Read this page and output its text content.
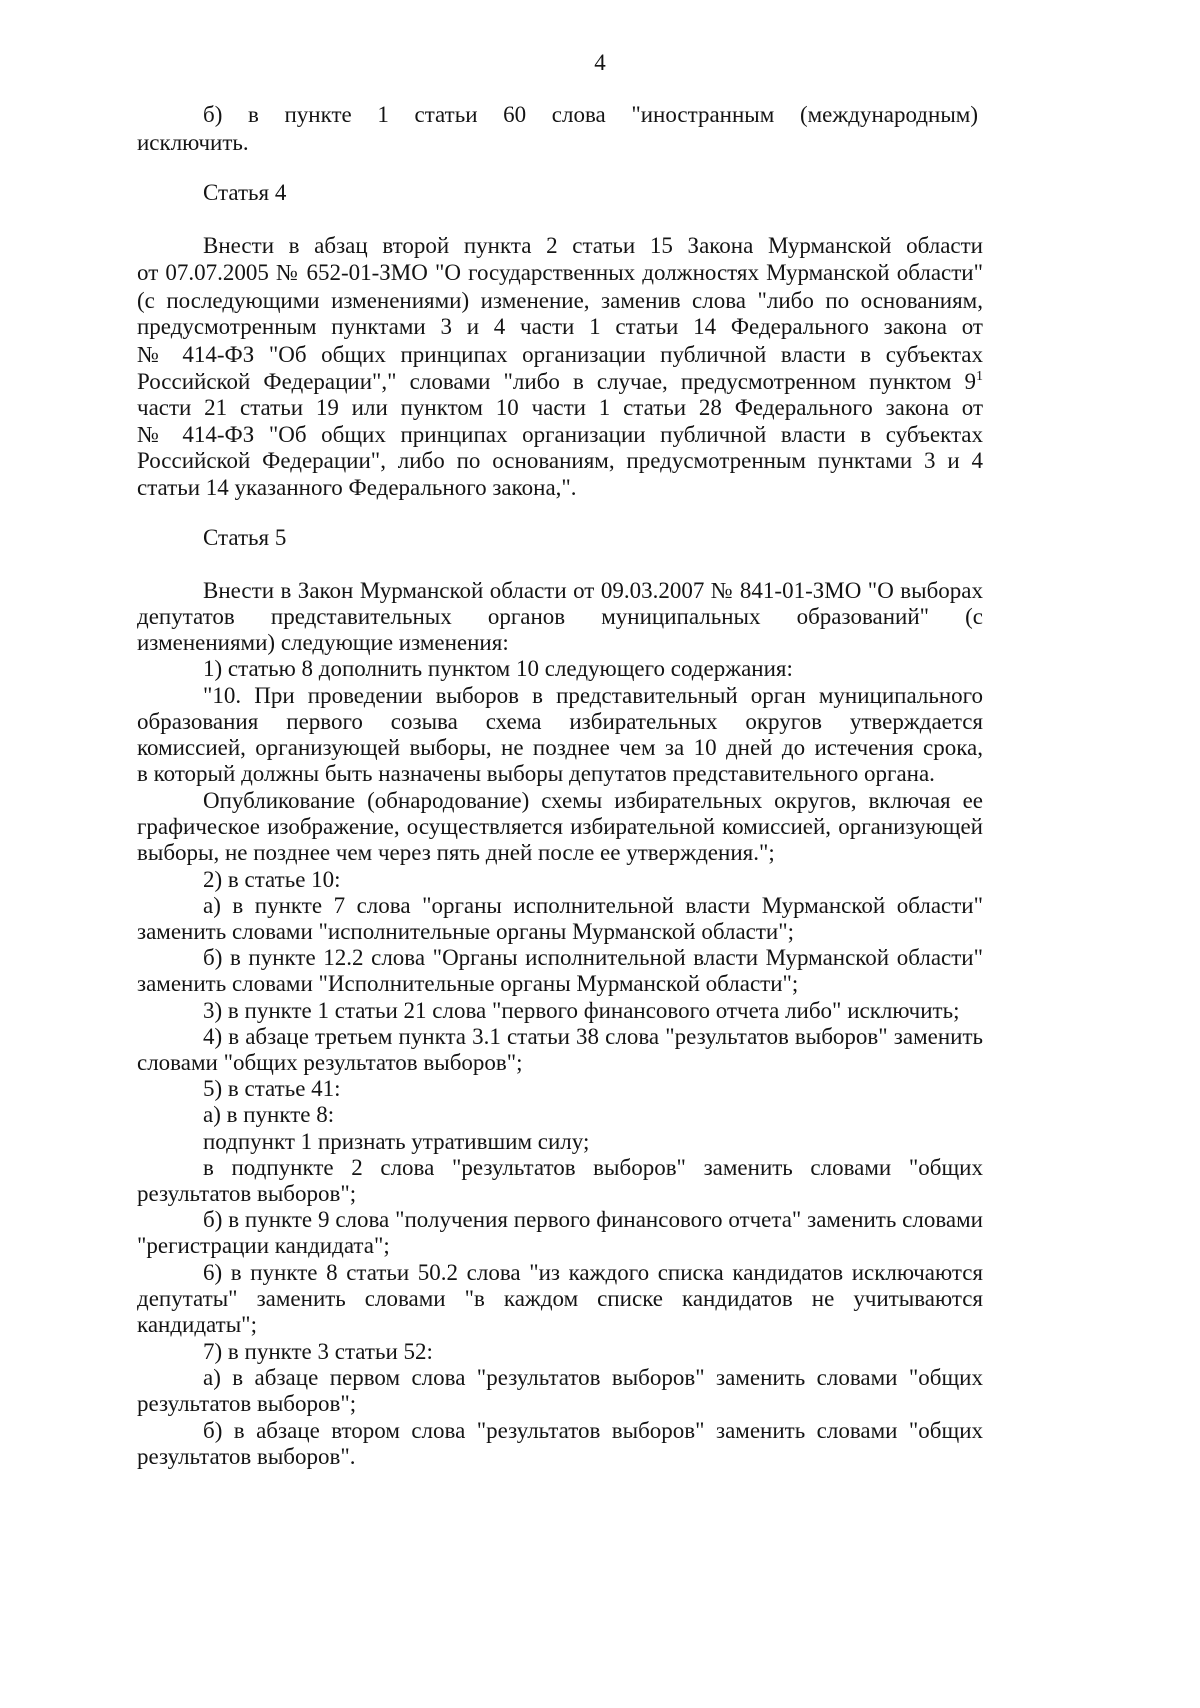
4
б) в пункте 1 статьи 60 слова "иностранным (международным)
исключить.
Статья 4
Внести в абзац второй пункта 2 статьи 15 Закона Мурманской области
от 07.07.2005 № 652-01-ЗМО "О государственных должностях Мурманской области"
(с последующими изменениями) изменение, заменив слова "либо по основаниям,
предусмотренным пунктами 3 и 4 части 1 статьи 14 Федерального закона от
№ 414-ФЗ "Об общих принципах организации публичной власти в субъектах
Российской Федерации"," словами "либо в случае, предусмотренном пунктом $9^1$
части 21 статьи 19 или пунктом 10 части 1 статьи 28 Федерального закона от
№ 414-ФЗ "Об общих принципах организации публичной власти в субъектах
Российской Федерации", либо по основаниям, предусмотренным пунктами 3 и 4
статьи 14 указанного Федерального закона,".
Статья 5
Внести в Закон Мурманской области от 09.03.2007 № 841-01-ЗМО "О выборах
депутатов представительных органов муниципальных образований" (с
изменениями) следующие изменения:
1) статью 8 дополнить пунктом 10 следующего содержания:
"10. При проведении выборов в представительный орган муниципального
образования первого созыва схема избирательных округов утверждается
комиссией, организующей выборы, не позднее чем за 10 дней до истечения срока,
в который должны быть назначены выборы депутатов представительного органа.
Опубликование (обнародование) схемы избирательных округов, включая ее
графическое изображение, осуществляется избирательной комиссией, организующей
выборы, не позднее чем через пять дней после ее утверждения.";
2) в статье 10:
а) в пункте 7 слова "органы исполнительной власти Мурманской области"
заменить словами "исполнительные органы Мурманской области";
б) в пункте 12.2 слова "Органы исполнительной власти Мурманской области"
заменить словами "Исполнительные органы Мурманской области";
3) в пункте 1 статьи 21 слова "первого финансового отчета либо" исключить;
4) в абзаце третьем пункта 3.1 статьи 38 слова "результатов выборов" заменить
словами "общих результатов выборов";
5) в статье 41:
а) в пункте 8:
подпункт 1 признать утратившим силу;
в подпункте 2 слова "результатов выборов" заменить словами "общих
результатов выборов";
б) в пункте 9 слова "получения первого финансового отчета" заменить словами
"регистрации кандидата";
6) в пункте 8 статьи 50.2 слова "из каждого списка кандидатов исключаются
депутаты" заменить словами "в каждом списке кандидатов не учитываются
кандидаты";
7) в пункте 3 статьи 52:
а) в абзаце первом слова "результатов выборов" заменить словами "общих
результатов выборов";
б) в абзаце втором слова "результатов выборов" заменить словами "общих
результатов выборов".
